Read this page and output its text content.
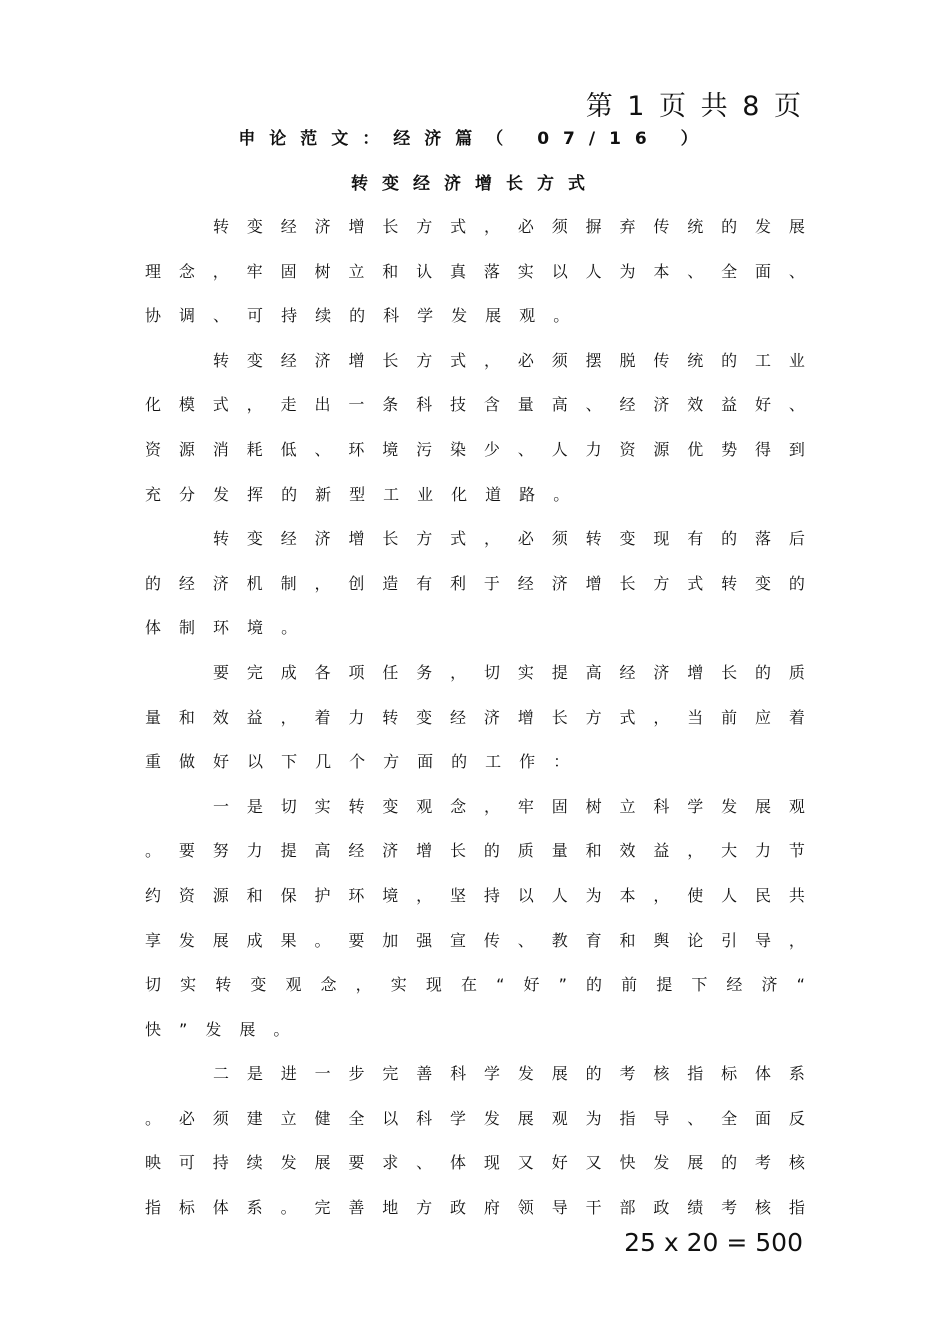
第 1 页 共 8 页
申论范文：经济篇（ 07/16 ）
转变经济增长方式
转 变 经 济 增 长 方 式 ， 必 须 摒 弃 传 统 的 发 展
理 念 ， 牢 固 树 立 和 认 真 落 实 以 人 为 本 、 全 面 、
协 调 、 可 持 续 的 科 学 发 展 观 。
转 变 经 济 增 长 方 式 ， 必 须 摆 脱 传 统 的 工 业
化 模 式 ， 走 出 一 条 科 技 含 量 高 、 经 济 效 益 好 、
资 源 消 耗 低 、 环 境 污 染 少 、 人 力 资 源 优 势 得 到
充 分 发 挥 的 新 型 工 业 化 道 路 。
转 变 经 济 增 长 方 式 ， 必 须 转 变 现 有 的 落 后
的 经 济 机 制 ， 创 造 有 利 于 经 济 增 长 方 式 转 变 的
体 制 环 境 。
要 完 成 各 项 任 务 ， 切 实 提 高 经 济 增 长 的 质
量 和 效 益 ， 着 力 转 变 经 济 增 长 方 式 ， 当 前 应 着
重 做 好 以 下 几 个 方 面 的 工 作 ：
一 是 切 实 转 变 观 念 ， 牢 固 树 立 科 学 发 展 观
。 要 努 力 提 高 经 济 增 长 的 质 量 和 效 益 ， 大 力 节
约 资 源 和 保 护 环 境 ， 坚 持 以 人 为 本 ， 使 人 民 共
享 发 展 成 果 。 要 加 强 宣 传 、 教 育 和 舆 论 引 导 ，
切 实 转 变 观 念 ， 实 现 在 “ 好 ” 的 前 提 下 经 济 “
快 ” 发 展 。
二 是 进 一 步 完 善 科 学 发 展 的 考 核 指 标 体 系
。 必 须 建 立 健 全 以 科 学 发 展 观 为 指 导 、 全 面 反
映 可 持 续 发 展 要 求 、 体 现 又 好 又 快 发 展 的 考 核
指 标 体 系 。 完 善 地 方 政 府 领 导 干 部 政 绩 考 核 指
25 x 20 = 500
